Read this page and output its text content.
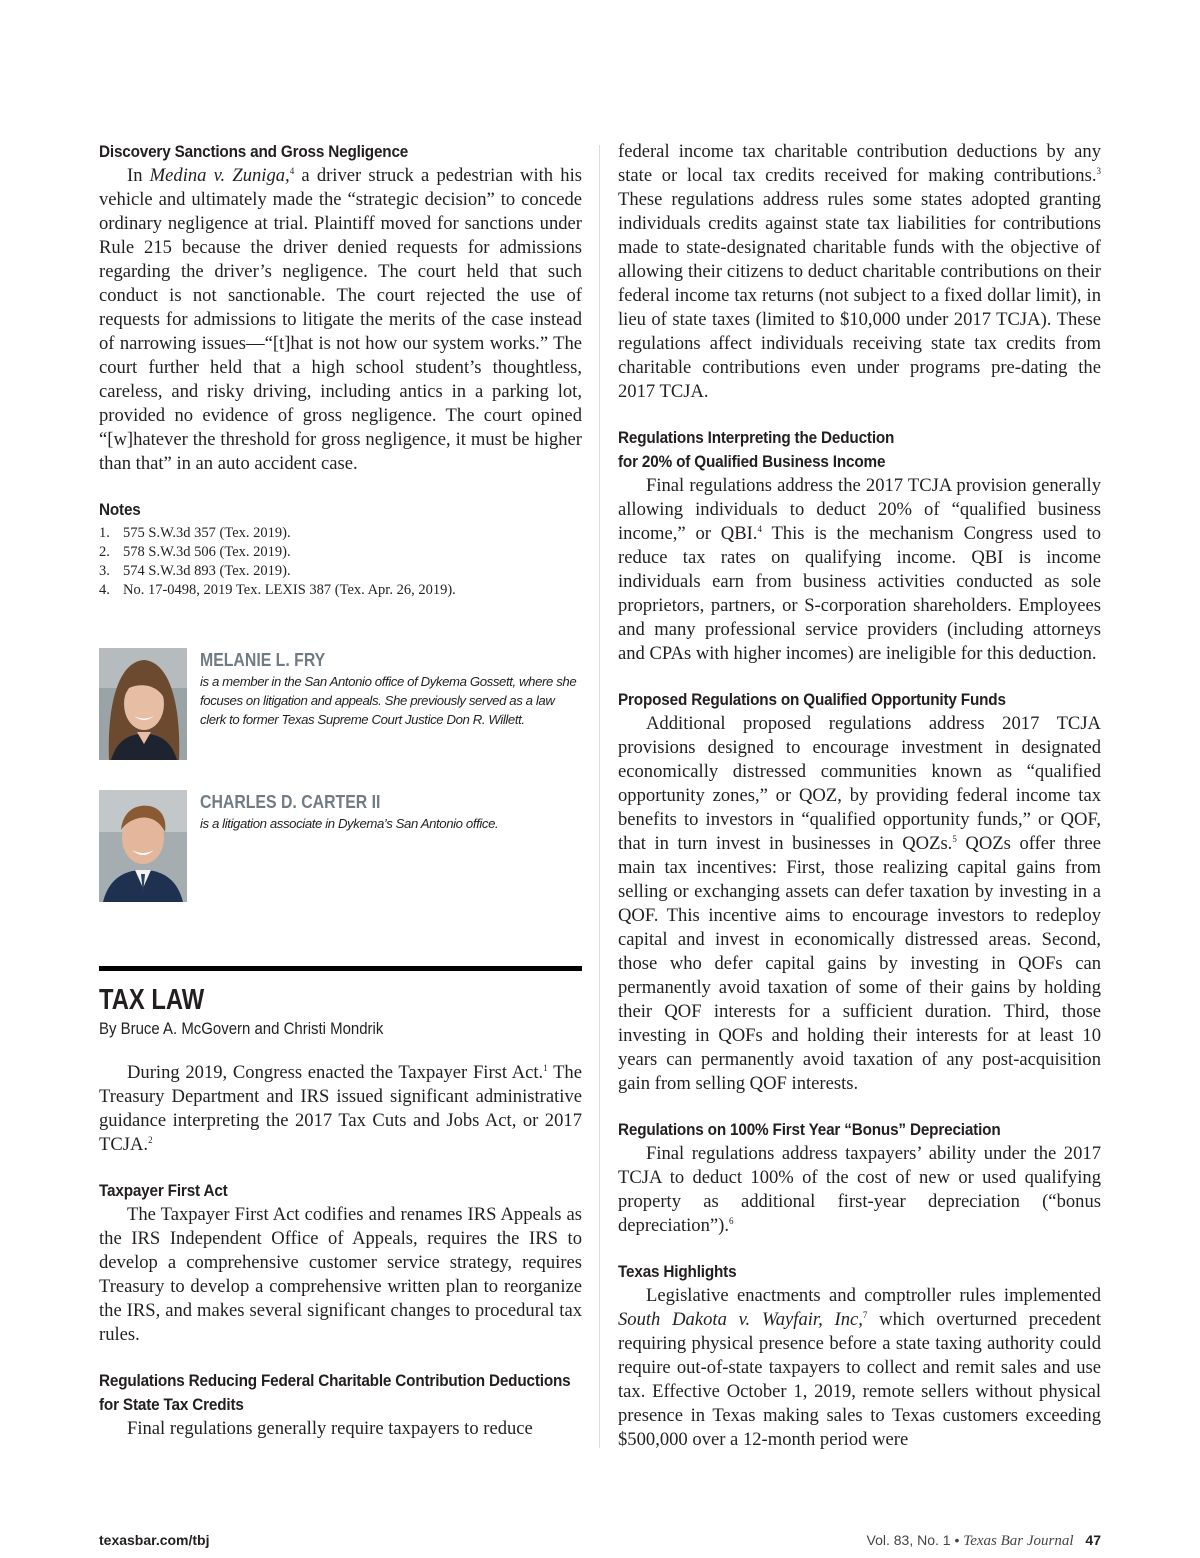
Discovery Sanctions and Gross Negligence

In Medina v. Zuniga,$^4$ a driver struck a pedestrian with his vehicle and ultimately made the “strategic decision” to concede ordinary negligence at trial. Plaintiff moved for sanctions under Rule 215 because the driver denied requests for admissions regarding the driver’s negligence. The court held that such conduct is not sanctionable. The court rejected the use of requests for admissions to litigate the merits of the case instead of narrowing issues—“[t]hat is not how our system works.” The court further held that a high school student’s thoughtless, careless, and risky driving, including antics in a parking lot, provided no evidence of gross negligence. The court opined “[w]hatever the threshold for gross negligence, it must be higher than that” in an auto accident case.

Notes
1. 575 S.W.3d 357 (Tex. 2019).
2. 578 S.W.3d 506 (Tex. 2019).
3. 574 S.W.3d 893 (Tex. 2019).
4. No. 17-0498, 2019 Tex. LEXIS 387 (Tex. Apr. 26, 2019).
MELANIE L. FRY
is a member in the San Antonio office of Dykema Gossett, where she focuses on litigation and appeals. She previously served as a law clerk to former Texas Supreme Court Justice Don R. Willett.
CHARLES D. CARTER II
is a litigation associate in Dykema’s San Antonio office.
TAX LAW
By Bruce A. McGovern and Christi Mondrik

During 2019, Congress enacted the Taxpayer First Act.$^1$ The Treasury Department and IRS issued significant administrative guidance interpreting the 2017 Tax Cuts and Jobs Act, or 2017 TCJA.$^2$

Taxpayer First Act

The Taxpayer First Act codifies and renames IRS Appeals as the IRS Independent Office of Appeals, requires the IRS to develop a comprehensive customer service strategy, requires Treasury to develop a comprehensive written plan to reorganize the IRS, and makes several significant changes to procedural tax rules.

Regulations Reducing Federal Charitable Contribution Deductions
for State Tax Credits

Final regulations generally require taxpayers to reduce

federal income tax charitable contribution deductions by any state or local tax credits received for making contributions.$^3$ These regulations address rules some states adopted granting individuals credits against state tax liabilities for contributions made to state-designated charitable funds with the objective of allowing their citizens to deduct charitable contributions on their federal income tax returns (not subject to a fixed dollar limit), in lieu of state taxes (limited to $10,000 under 2017 TCJA). These regulations affect individuals receiving state tax credits from charitable contributions even under programs pre-dating the 2017 TCJA.

Regulations Interpreting the Deduction
for 20% of Qualified Business Income

Final regulations address the 2017 TCJA provision generally allowing individuals to deduct 20% of “qualified business income,” or QBI.$^4$ This is the mechanism Congress used to reduce tax rates on qualifying income. QBI is income individuals earn from business activities conducted as sole proprietors, partners, or S-corporation shareholders. Employees and many professional service providers (including attorneys and CPAs with higher incomes) are ineligible for this deduction.

Proposed Regulations on Qualified Opportunity Funds

Additional proposed regulations address 2017 TCJA provisions designed to encourage investment in designated economically distressed communities known as “qualified opportunity zones,” or QOZ, by providing federal income tax benefits to investors in “qualified opportunity funds,” or QOF, that in turn invest in businesses in QOZs.$^5$ QOZs offer three main tax incentives: First, those realizing capital gains from selling or exchanging assets can defer taxation by investing in a QOF. This incentive aims to encourage investors to redeploy capital and invest in economically distressed areas. Second, those who defer capital gains by investing in QOFs can permanently avoid taxation of some of their gains by holding their QOF interests for a sufficient duration. Third, those investing in QOFs and holding their interests for at least 10 years can permanently avoid taxation of any post-acquisition gain from selling QOF interests.

Regulations on 100% First Year “Bonus” Depreciation

Final regulations address taxpayers’ ability under the 2017 TCJA to deduct 100% of the cost of new or used qualifying property as additional first-year depreciation (“bonus depreciation”).$^6$

Texas Highlights

Legislative enactments and comptroller rules implemented South Dakota v. Wayfair, Inc,$^7$ which overturned precedent requiring physical presence before a state taxing authority could require out-of-state taxpayers to collect and remit sales and use tax. Effective October 1, 2019, remote sellers without physical presence in Texas making sales to Texas customers exceeding $500,000 over a 12-month period were

texasbar.com/tbj	Vol. 83, No. 1 • Texas Bar Journal 47
